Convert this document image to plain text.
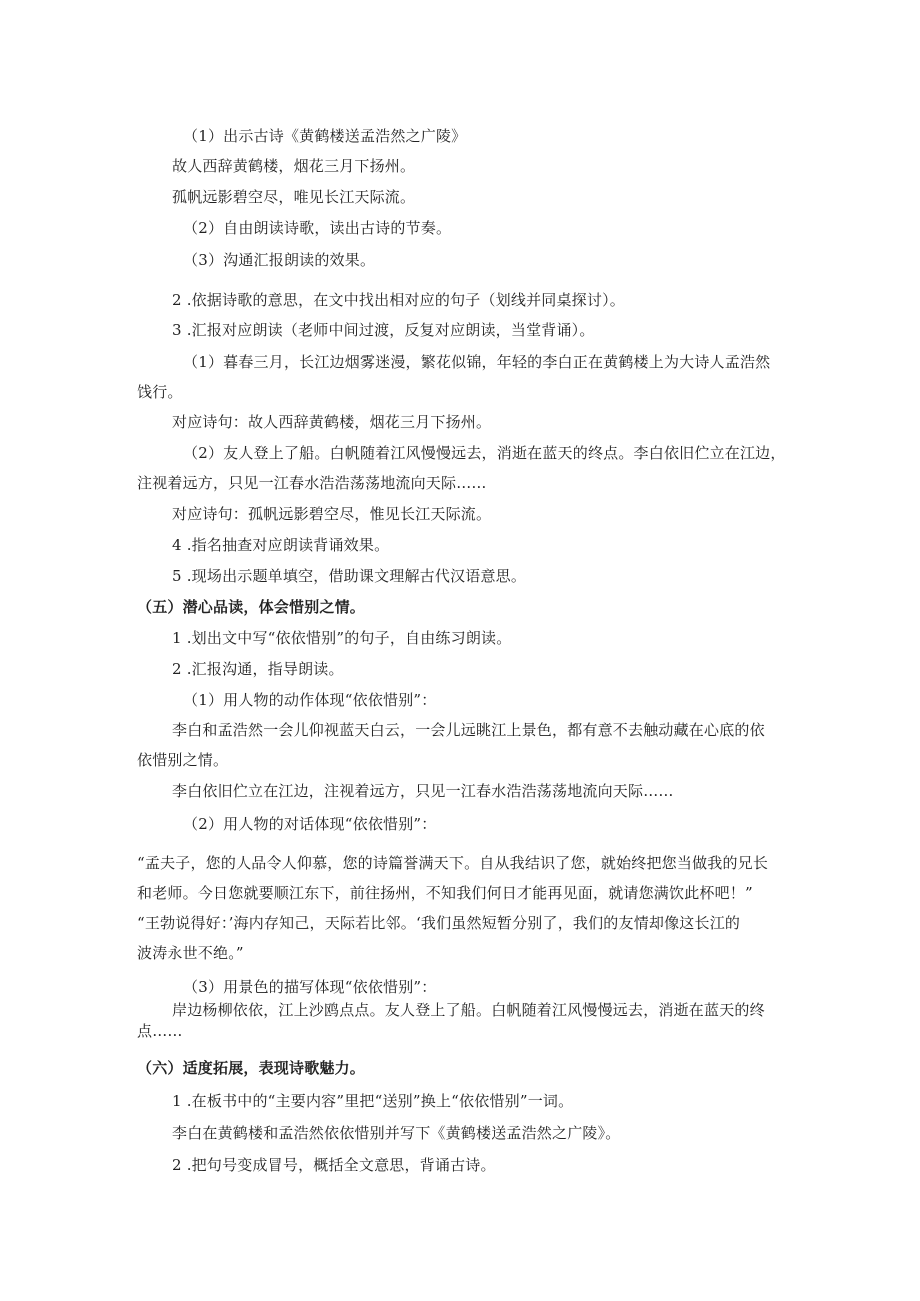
（1）出示古诗《黄鹤楼送孟浩然之广陵》
故人西辞黄鹤楼，烟花三月下扬州。
孤帆远影碧空尽，唯见长江天际流。
（2）自由朗读诗歌，读出古诗的节奏。
（3）沟通汇报朗读的效果。
2 .依据诗歌的意思，在文中找出相对应的句子（划线并同桌探讨）。
3 .汇报对应朗读（老师中间过渡，反复对应朗读，当堂背诵）。
（1）暮春三月，长江边烟雾迷漫，繁花似锦，年轻的李白正在黄鹤楼上为大诗人孟浩然
饯行。
对应诗句：故人西辞黄鹤楼，烟花三月下扬州。
（2）友人登上了船。白帆随着江风慢慢远去，消逝在蓝天的终点。李白依旧伫立在江边，
注视着远方，只见一江春水浩浩荡荡地流向天际……
对应诗句：孤帆远影碧空尽，惟见长江天际流。
4 .指名抽查对应朗读背诵效果。
5 .现场出示题单填空，借助课文理解古代汉语意思。
（五）潜心品读，体会惜别之情。
1 .划出文中写“依依惜别”的句子，自由练习朗读。
2 .汇报沟通，指导朗读。
（1）用人物的动作体现“依依惜别”：
李白和孟浩然一会儿仰视蓝天白云，一会儿远眺江上景色，都有意不去触动藏在心底的依
依惜别之情。
李白依旧伫立在江边，注视着远方，只见一江春水浩浩荡荡地流向天际……
（2）用人物的对话体现“依依惜别”：
“孟夫子，您的人品令人仰慕，您的诗篇誉满天下。自从我结识了您，就始终把您当做我的兄长
和老师。今日您就要顺江东下，前往扬州，不知我们何日才能再见面，就请您满饮此杯吧！”
“王勃说得好：’海内存知己，天际若比邻。‘我们虽然短暂分别了，我们的友情却像这长江的
波涛永世不绝。”
（3）用景色的描写体现“依依惜别”：
岸边杨柳依依，江上沙鸥点点。友人登上了船。白帆随着江风慢慢远去，消逝在蓝天的终
点……
（六）适度拓展，表现诗歌魅力。
1 .在板书中的“主要内容”里把“送别”换上“依依惜别”一词。
李白在黄鹤楼和孟浩然依依惜别并写下《黄鹤楼送孟浩然之广陵》。
2 .把句号变成冒号，概括全文意思，背诵古诗。
